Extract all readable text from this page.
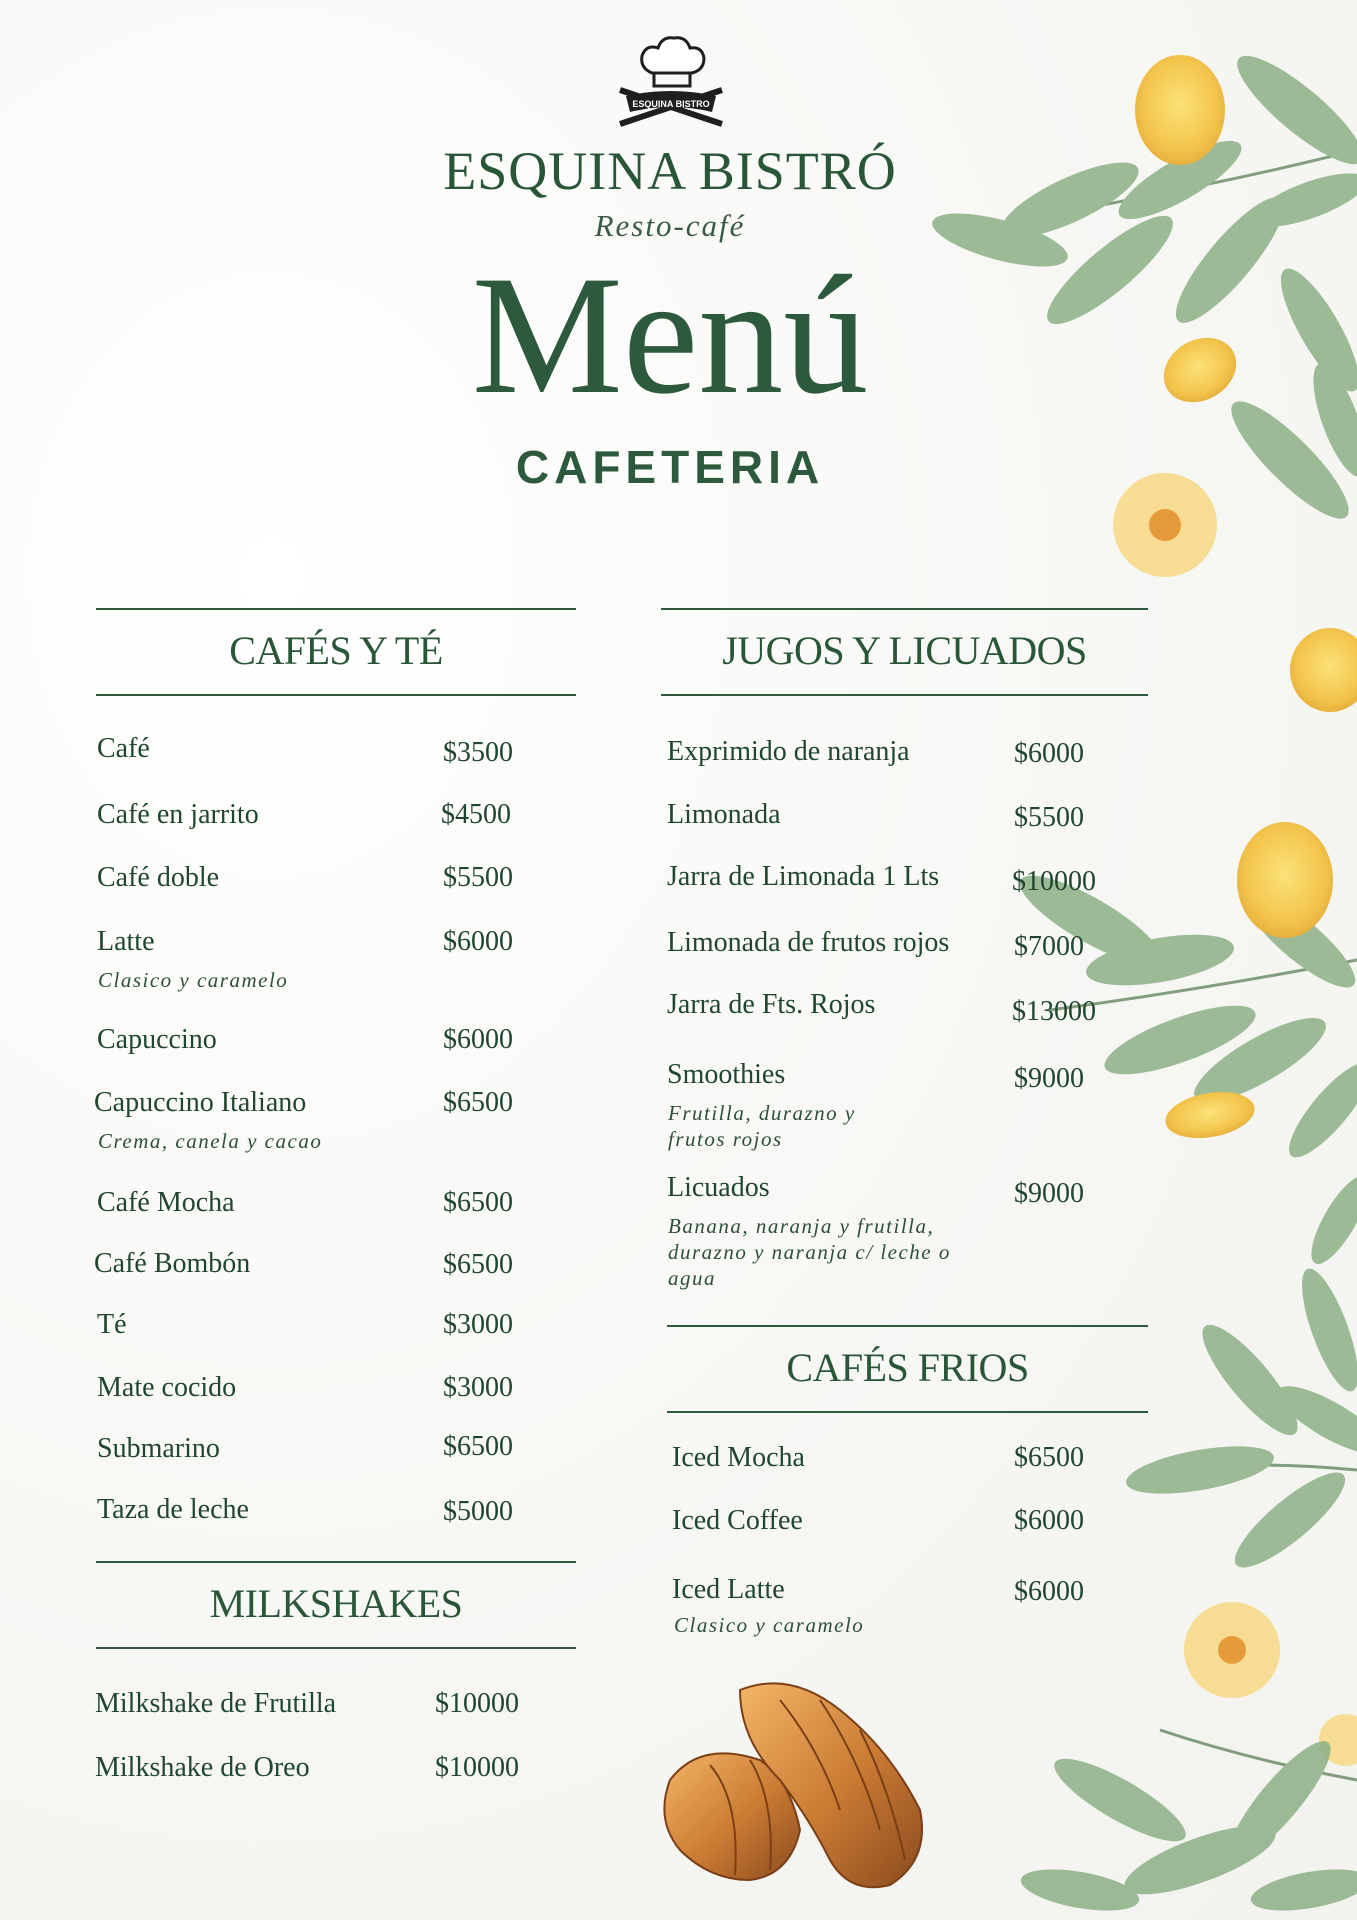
ESQUINA BISTRO
ESQUINA BISTRÓ
Resto-café
Menú
CAFETERIA
CAFÉS Y TÉ
Café	$3500
Café en jarrito	$4500
Café doble	$5500
Latte	$6000
Clasico y caramelo
Capuccino	$6000
Capuccino Italiano	$6500
Crema, canela y cacao
Café Mocha	$6500
Café Bombón	$6500
Té	$3000
Mate cocido	$3000
Submarino	$6500
Taza de leche	$5000
MILKSHAKES
Milkshake de Frutilla	$10000
Milkshake de Oreo	$10000
JUGOS Y LICUADOS
Exprimido de naranja	$6000
Limonada	$5500
Jarra de Limonada 1 Lts	$10000
Limonada de frutos rojos $7000
Jarra de Fts. Rojos	$13000
Smoothies	$9000
Frutilla, durazno y
frutos rojos
Licuados	$9000
Banana, naranja y frutilla,
durazno y naranja c/ leche o
agua
CAFÉS FRIOS
Iced Mocha	$6500
Iced Coffee	$6000
Iced Latte	$6000
Clasico y caramelo
